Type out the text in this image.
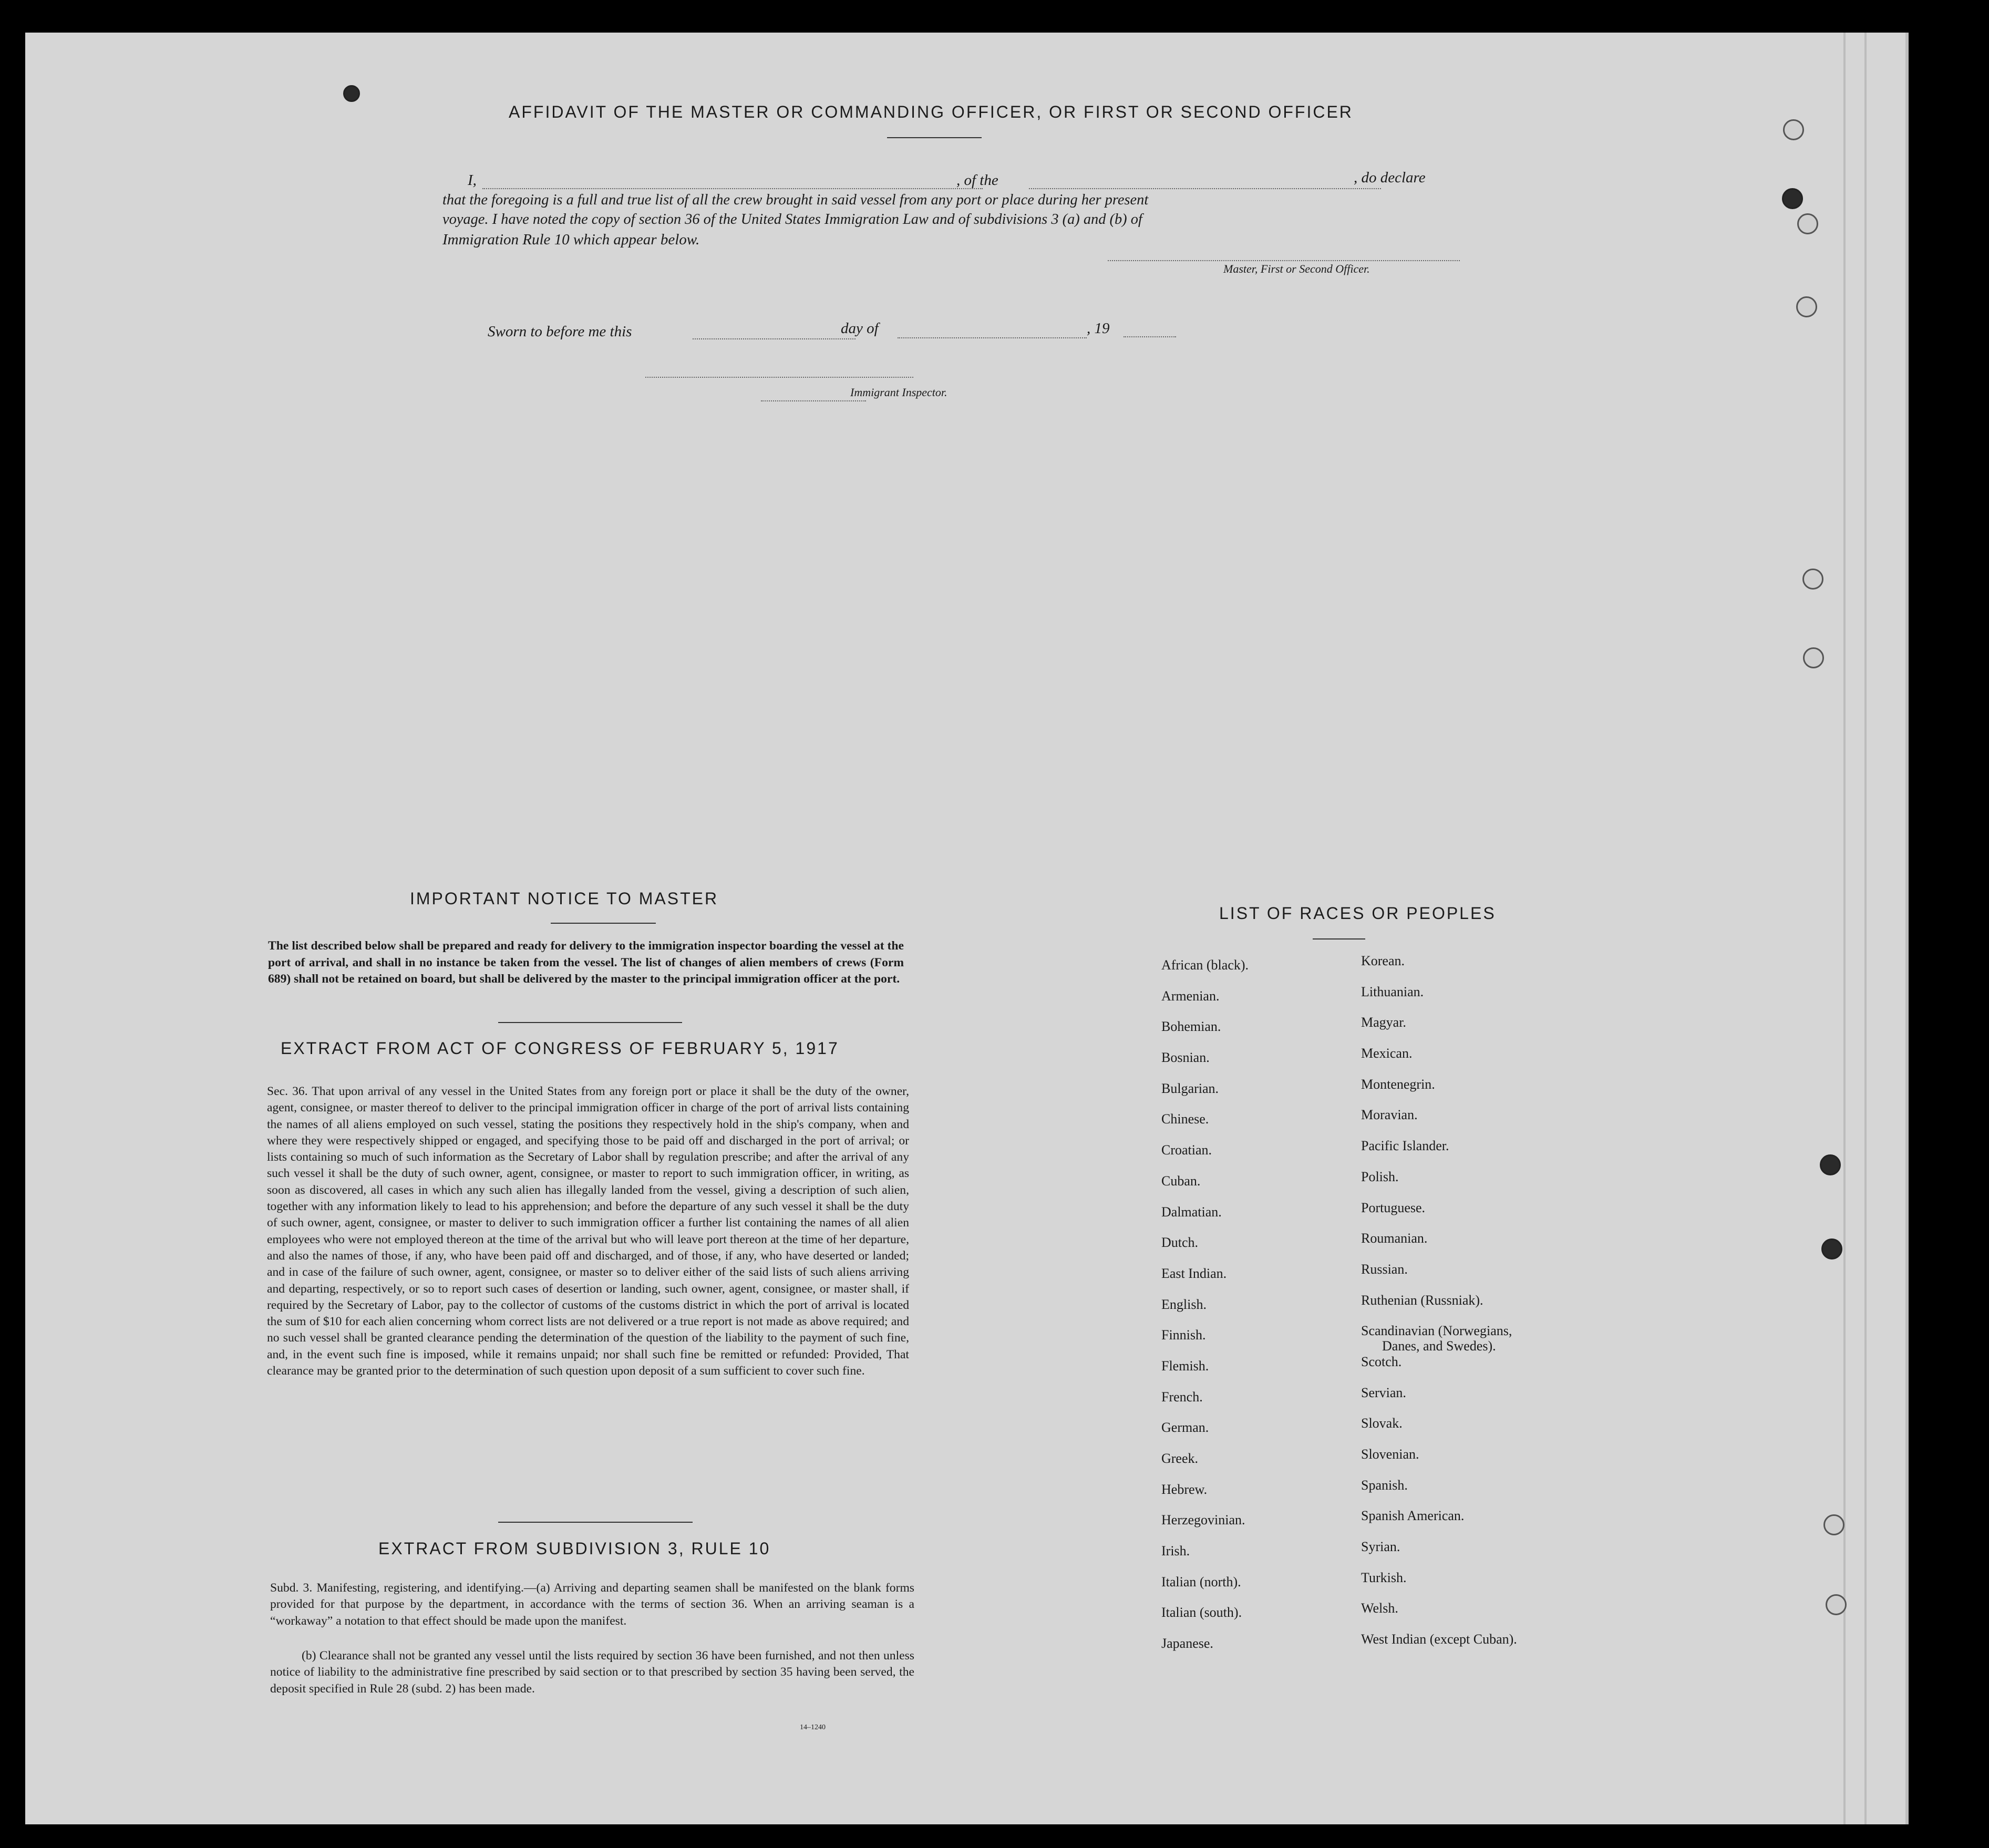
AFFIDAVIT OF THE MASTER OR COMMANDING OFFICER, OR FIRST OR SECOND OFFICER
I,	, of the	, do declare
that the foregoing is a full and true list of all the crew brought in said vessel from any port or place during her present
voyage. I have noted the copy of section 36 of the United States Immigration Law and of subdivisions 3 (a) and (b) of
Immigration Rule 10 which appear below.
Master, First or Second Officer.
Sworn to before me this	day of	, 19
Immigrant Inspector.
IMPORTANT NOTICE TO MASTER
The list described below shall be prepared and ready for delivery to the immigration inspector boarding the vessel at the port of arrival, and shall in no instance be taken from the vessel. The list of changes of alien members of crews (Form 689) shall not be retained on board, but shall be delivered by the master to the principal immigration officer at the port.
EXTRACT FROM ACT OF CONGRESS OF FEBRUARY 5, 1917
Sec. 36. That upon arrival of any vessel in the United States from any foreign port or place it shall be the duty of the owner, agent, consignee, or master thereof to deliver to the principal immigration officer in charge of the port of arrival lists containing the names of all aliens employed on such vessel, stating the positions they respectively hold in the ship's company, when and where they were respectively shipped or engaged, and specifying those to be paid off and discharged in the port of arrival; or lists containing so much of such information as the Secretary of Labor shall by regulation prescribe; and after the arrival of any such vessel it shall be the duty of such owner, agent, consignee, or master to report to such immigration officer, in writing, as soon as discovered, all cases in which any such alien has illegally landed from the vessel, giving a description of such alien, together with any information likely to lead to his apprehension; and before the departure of any such vessel it shall be the duty of such owner, agent, consignee, or master to deliver to such immigration officer a further list containing the names of all alien employees who were not employed thereon at the time of the arrival but who will leave port thereon at the time of her departure, and also the names of those, if any, who have been paid off and discharged, and of those, if any, who have deserted or landed; and in case of the failure of such owner, agent, consignee, or master so to deliver either of the said lists of such aliens arriving and departing, respectively, or so to report such cases of desertion or landing, such owner, agent, consignee, or master shall, if required by the Secretary of Labor, pay to the collector of customs of the customs district in which the port of arrival is located the sum of $10 for each alien concerning whom correct lists are not delivered or a true report is not made as above required; and no such vessel shall be granted clearance pending the determination of the question of the liability to the payment of such fine, and, in the event such fine is imposed, while it remains unpaid; nor shall such fine be remitted or refunded: Provided, That clearance may be granted prior to the determination of such question upon deposit of a sum sufficient to cover such fine.
EXTRACT FROM SUBDIVISION 3, RULE 10
Subd. 3. Manifesting, registering, and identifying.—(a) Arriving and departing seamen shall be manifested on the blank forms provided for that purpose by the department, in accordance with the terms of section 36. When an arriving seaman is a “workaway” a notation to that effect should be made upon the manifest.
(b) Clearance shall not be granted any vessel until the lists required by section 36 have been furnished, and not then unless notice of liability to the administrative fine prescribed by said section or to that prescribed by section 35 having been served, the deposit specified in Rule 28 (subd. 2) has been made.
14–1240
LIST OF RACES OR PEOPLES
African (black).
Armenian.
Bohemian.
Bosnian.
Bulgarian.
Chinese.
Croatian.
Cuban.
Dalmatian.
Dutch.
East Indian.
English.
Finnish.
Flemish.
French.
German.
Greek.
Hebrew.
Herzegovinian.
Irish.
Italian (north).
Italian (south).
Japanese.
Korean.
Lithuanian.
Magyar.
Mexican.
Montenegrin.
Moravian.
Pacific Islander.
Polish.
Portuguese.
Roumanian.
Russian.
Ruthenian (Russniak).
Scandinavian (Norwegians,
Danes, and Swedes).
Scotch.
Servian.
Slovak.
Slovenian.
Spanish.
Spanish American.
Syrian.
Turkish.
Welsh.
West Indian (except Cuban).
